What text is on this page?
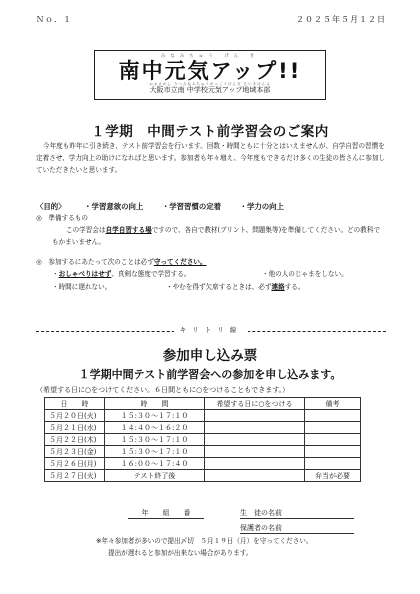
Ｎｏ．１	２０２５年５月１２日
みなみちゅう げん き
南中元気アップ!!
おおさかし りつみなみちゅうがっこうげんき ちいきほんぶ
大阪市立南 中学校元気アップ地域本部
１学期　中間テスト前学習会のご案内
今年度も昨年に引き続き、テスト前学習会を行います。回数・時間ともに十分とはいえませんが、自学自習の習慣を定着させ、学力向上の助けになればと思います。参加者も年々増え、今年度もできるだけ多くの生徒の皆さんに参加していただきたいと思います。
〈目的〉	・学習意欲の向上	・学習習慣の定着	・学力の向上
◎　準備するもの
この学習会は自学自習する場ですので、各自で教材(プリント、問題集等)を準備してください。どの教科でもかまいません。
◎　参加するにあたって次のことは必ず守ってください。
・おしゃべりはせず、真剣な態度で学習する。	・他の人のじゃまをしない。
・時間に遅れない。	・やむを得ず欠席するときは、必ず連絡する。
キリトリ線
参加申し込み票
１学期中間テスト前学習会への参加を申し込みます。
（希望する日に○をつけてください。６日間ともに○をつけることもできます。）
日　　時	時　　間	希望する日に○をつける	備考
５月２０日(火)	１５:３０～１７:１０		
５月２１日(水)	１４:４０～１６:２０		
５月２２日(木)	１５:３０～１７:１０		
５月２３日(金)	１５:３０～１７:１０		
５月２６日(月)	１６:００～１７:４０		
５月２７日(火)	テスト終了後		弁当が必要
年　　組　　番	生　徒の名前
保護者の名前
※年々参加者が多いので提出〆切　５月１９日（月）を守ってください。
提出が遅れると参加が出来ない場合があります。
